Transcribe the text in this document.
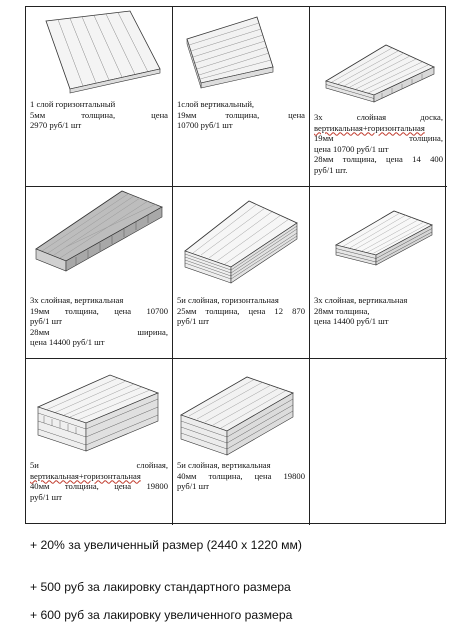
1 слой горизонтальный
5мм толщина, цена
2970 руб/1 шт
1слой вертикальный,
19мм толщина, цена
10700 руб/1 шт
3х слойная доска,
вертикальная+горизонтальная
19мм толщина,
цена 10700 руб/1 шт
28мм толщина, цена 14 400
руб/1 шт.
3х слойная, вертикальная
19мм толщина, цена 10700
руб/1 шт
28мм ширина,
цена 14400 руб/1 шт
5и слойная, горизонтальная
25мм толщина, цена 12 870
руб/1 шт
3х слойная, вертикальная
28мм толщина,
цена 14400 руб/1 шт
5и слойная,
вертикальная+горизонтальная
40мм толщина, цена 19800
руб/1 шт
5и слойная, вертикальная
40мм толщина, цена 19800
руб/1 шт
+ 20% за увеличенный размер (2440 х 1220 мм)
+ 500 руб за лакировку стандартного размера
+ 600 руб за лакировку увеличенного размера
